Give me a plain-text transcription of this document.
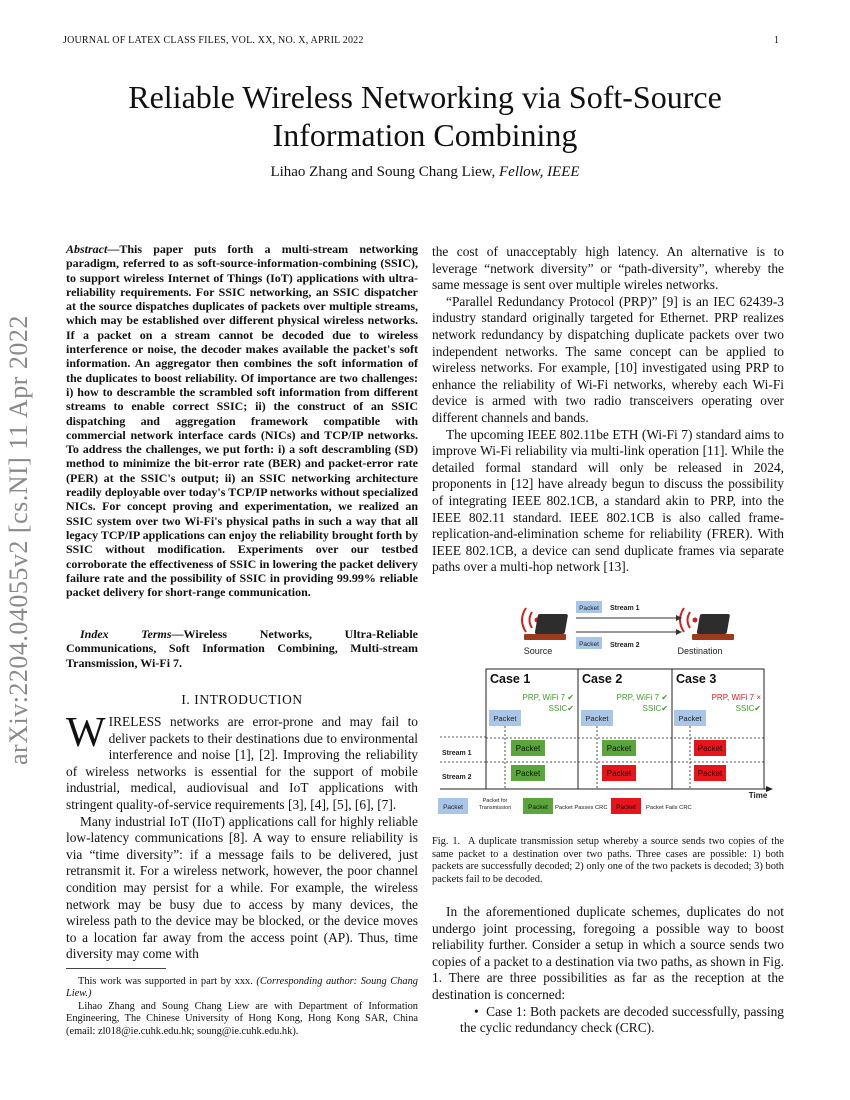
JOURNAL OF LATEX CLASS FILES, VOL. XX, NO. X, APRIL 2022	1
Reliable Wireless Networking via Soft-Source Information Combining
Lihao Zhang and Soung Chang Liew, Fellow, IEEE
arXiv:2204.04055v2 [cs.NI] 11 Apr 2022
Abstract—This paper puts forth a multi-stream networking paradigm, referred to as soft-source-information-combining (SSIC), to support wireless Internet of Things (IoT) applications with ultra-reliability requirements. For SSIC networking, an SSIC dispatcher at the source dispatches duplicates of packets over multiple streams, which may be established over different physical wireless networks. If a packet on a stream cannot be decoded due to wireless interference or noise, the decoder makes available the packet's soft information. An aggregator then combines the soft information of the duplicates to boost reliability. Of importance are two challenges: i) how to descramble the scrambled soft information from different streams to enable correct SSIC; ii) the construct of an SSIC dispatching and aggregation framework compatible with commercial network interface cards (NICs) and TCP/IP networks. To address the challenges, we put forth: i) a soft descrambling (SD) method to minimize the bit-error rate (BER) and packet-error rate (PER) at the SSIC's output; ii) an SSIC networking architecture readily deployable over today's TCP/IP networks without specialized NICs. For concept proving and experimentation, we realized an SSIC system over two Wi-Fi's physical paths in such a way that all legacy TCP/IP applications can enjoy the reliability brought forth by SSIC without modification. Experiments over our testbed corroborate the effectiveness of SSIC in lowering the packet delivery failure rate and the possibility of SSIC in providing 99.99% reliable packet delivery for short-range communication.
Index Terms—Wireless Networks, Ultra-Reliable Communications, Soft Information Combining, Multi-stream Transmission, Wi-Fi 7.
I. INTRODUCTION

WIRELESS networks are error-prone and may fail to deliver packets to their destinations due to environmental interference and noise [1], [2]. Improving the reliability of wireless networks is essential for the support of mobile industrial, medical, audiovisual and IoT applications with stringent quality-of-service requirements [3], [4], [5], [6], [7].

Many industrial IoT (IIoT) applications call for highly reliable low-latency communications [8]. A way to ensure reliability is via “time diversity”: if a message fails to be delivered, just retransmit it. For a wireless network, however, the poor channel condition may persist for a while. For example, the wireless network may be busy due to access by many devices, the wireless path to the device may be blocked, or the device moves to a location far away from the access point (AP). Thus, time diversity may come with

This work was supported in part by xxx. (Corresponding author: Soung Chang Liew.)

Lihao Zhang and Soung Chang Liew are with Department of Information Engineering, The Chinese University of Hong Kong, Hong Kong SAR, China (email: zl018@ie.cuhk.edu.hk; soung@ie.cuhk.edu.hk).

the cost of unacceptably high latency. An alternative is to leverage “network diversity” or “path-diversity”, whereby the same message is sent over multiple wireles networks.

“Parallel Redundancy Protocol (PRP)” [9] is an IEC 62439-3 industry standard originally targeted for Ethernet. PRP realizes network redundancy by dispatching duplicate packets over two independent networks. The same concept can be applied to wireless networks. For example, [10] investigated using PRP to enhance the reliability of Wi-Fi networks, whereby each Wi-Fi device is armed with two radio transceivers operating over different channels and bands.

The upcoming IEEE 802.11be ETH (Wi-Fi 7) standard aims to improve Wi-Fi reliability via multi-link operation [11]. While the detailed formal standard will only be released in 2024, proponents in [12] have already begun to discuss the possibility of integrating IEEE 802.1CB, a standard akin to PRP, into the IEEE 802.11 standard. IEEE 802.1CB is also called frame-replication-and-elimination scheme for reliability (FRER). With IEEE 802.1CB, a device can send duplicate frames via separate paths over a multi-hop network [13].

Source	Destination
Packet Stream 1
Packet Stream 2
Time
Stream 1
Stream 2
Case 1
PRP, WiFi 7 ✔
SSIC✔
Packet
Packet
Packet
Case 2
PRP, WiFi 7 ✔
SSIC✔
Packet
Packet
Packet
Case 3
PRP, WiFi 7 ×
SSIC✔
Packet
Packet
Packet
Packet
Packet for Transmission	Packet Packet Passes CRC Packet Packet Fails CRC
Fig. 1. A duplicate transmission setup whereby a source sends two copies of the same packet to a destination over two paths. Three cases are possible: 1) both packets are successfully decoded; 2) only one of the two packets is decoded; 3) both packets fail to be decoded.

In the aforementioned duplicate schemes, duplicates do not undergo joint processing, foregoing a possible way to boost reliability further. Consider a setup in which a source sends two copies of a packet to a destination via two paths, as shown in Fig. 1. There are three possibilities as far as the reception at the destination is concerned:

•  Case 1: Both packets are decoded successfully, passing the cyclic redundancy check (CRC).
